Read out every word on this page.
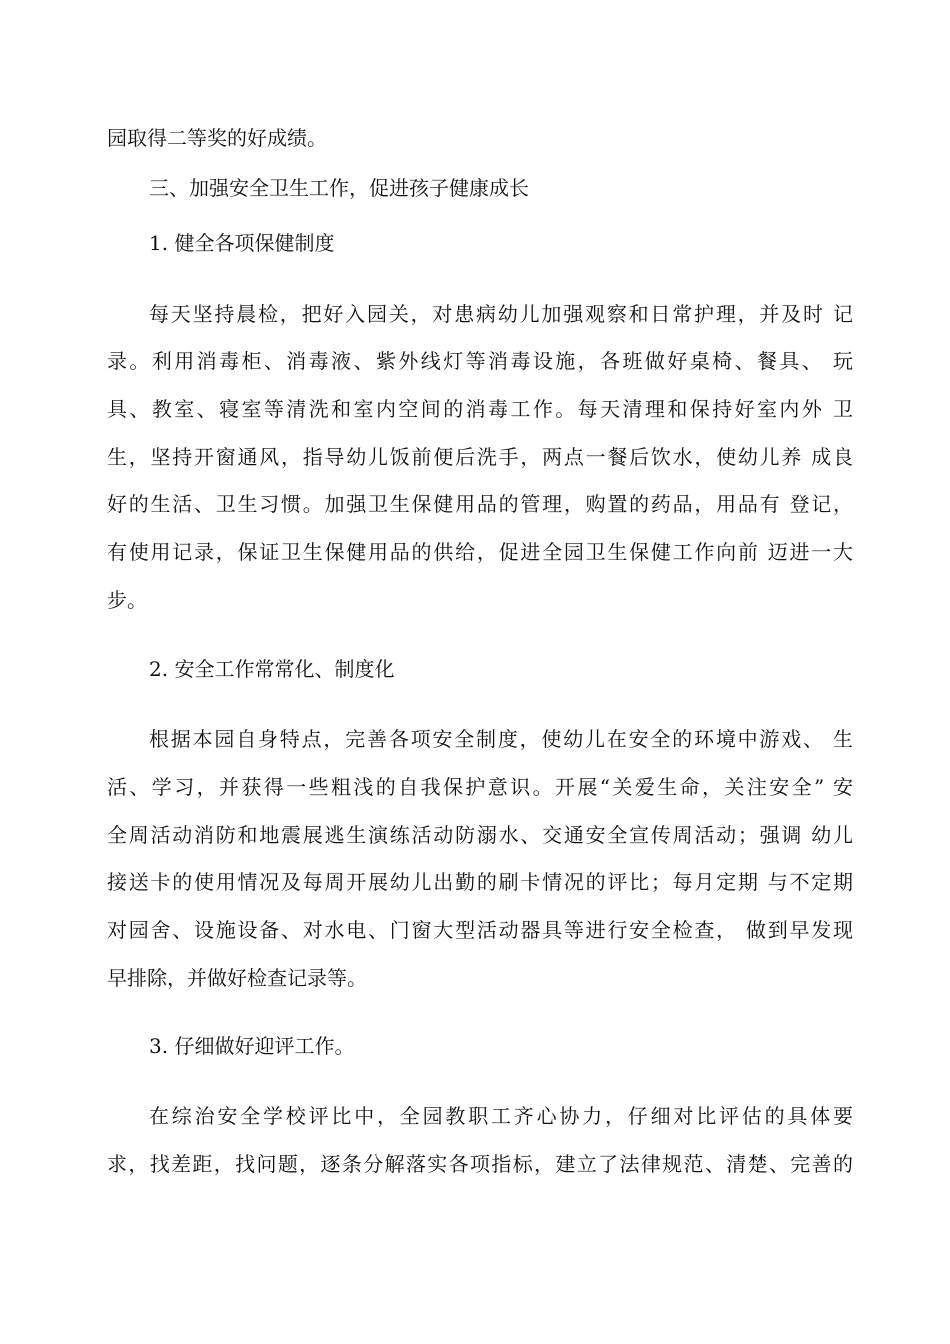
园取得二等奖的好成绩。
三、加强安全卫生工作，促进孩子健康成长
1. 健全各项保健制度
每天坚持晨检，把好入园关，对患病幼儿加强观察和日常护理，并及时 记
录。利用消毒柜、消毒液、紫外线灯等消毒设施，各班做好桌椅、餐具、 玩
具、教室、寝室等清洗和室内空间的消毒工作。每天清理和保持好室内外 卫
生，坚持开窗通风，指导幼儿饭前便后洗手，两点一餐后饮水，使幼儿养 成良
好的生活、卫生习惯。加强卫生保健用品的管理，购置的药品，用品有 登记，
有使用记录，保证卫生保健用品的供给，促进全园卫生保健工作向前 迈进一大
步。
2. 安全工作常常化、制度化
根据本园自身特点，完善各项安全制度，使幼儿在安全的环境中游戏、 生
活、学习，并获得一些粗浅的自我保护意识。开展“关爱生命，关注安全” 安
全周活动消防和地震展逃生演练活动防溺水、交通安全宣传周活动；强调 幼儿
接送卡的使用情况及每周开展幼儿出勤的刷卡情况的评比；每月定期 与不定期
对园舍、设施设备、对水电、门窗大型活动器具等进行安全检查， 做到早发现
早排除，并做好检查记录等。
3. 仔细做好迎评工作。
在综治安全学校评比中，全园教职工齐心协力，仔细对比评估的具体要
求，找差距，找问题，逐条分解落实各项指标，建立了法律规范、清楚、完善的
